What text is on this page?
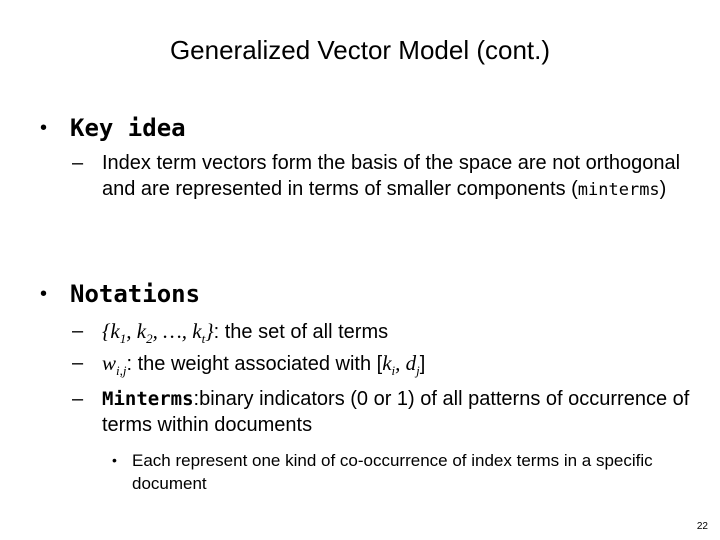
Generalized Vector Model (cont.)
• Key idea
– Index term vectors form the basis of the space are not orthogonal and are represented in terms of smaller components (minterms)
• Notations
– {$k_1$, $k_2$, …, $k_t$}: the set of all terms
– $w_{i,j}$: the weight associated with [$k_i$, $d_j$]
– Minterms:binary indicators (0 or 1) of all patterns of occurrence of terms within documents
• Each represent one kind of co-occurrence of index terms in a specific document
22
